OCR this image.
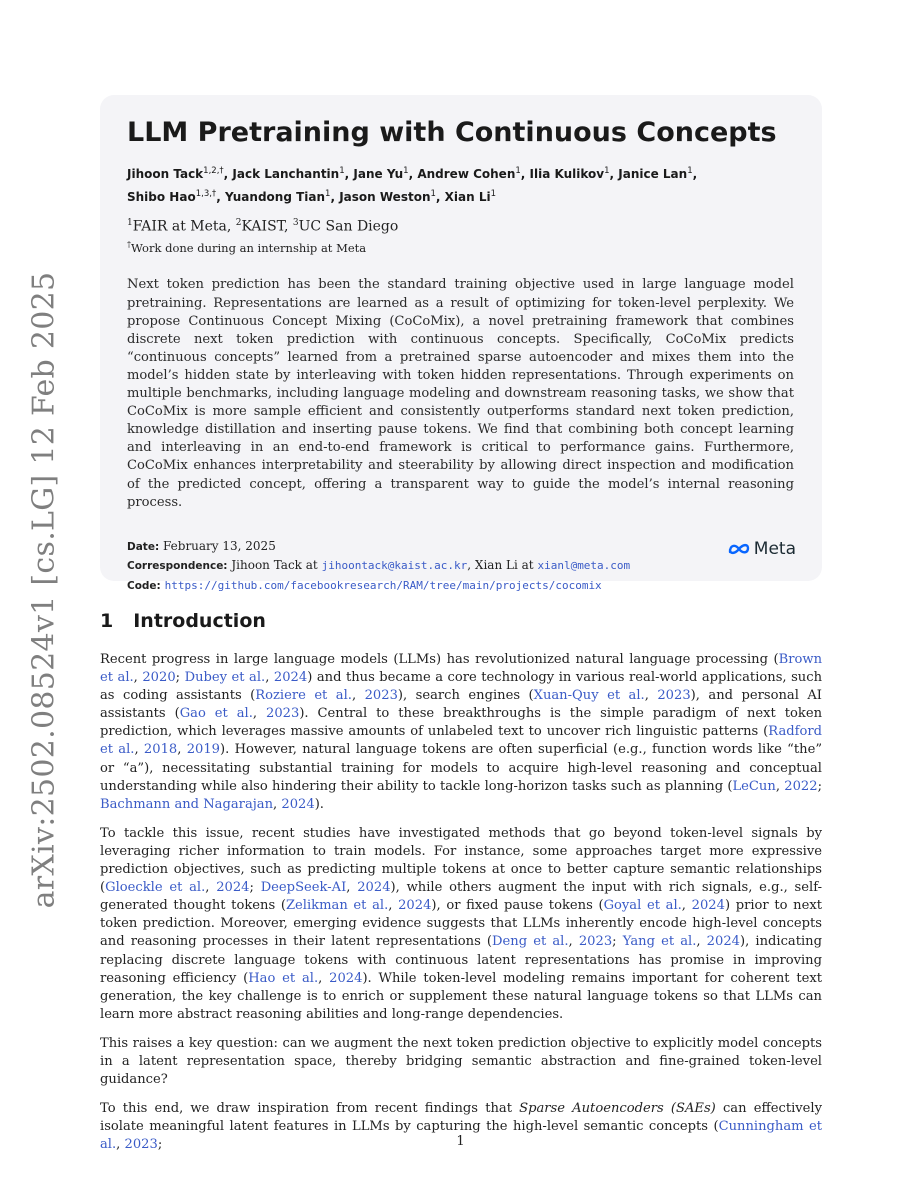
arXiv:2502.08524v1 [cs.LG] 12 Feb 2025
LLM Pretraining with Continuous Concepts
Jihoon Tack$^{1,2,\dagger}$, Jack Lanchantin$^1$, Jane Yu$^1$, Andrew Cohen$^1$, Ilia Kulikov$^1$, Janice Lan$^1$, Shibo Hao$^{1,3,\dagger}$, Yuandong Tian$^1$, Jason Weston$^1$, Xian Li$^1$
$^1$FAIR at Meta, $^2$KAIST, $^3$UC San Diego
†Work done during an internship at Meta
Next token prediction has been the standard training objective used in large language model pretraining. Representations are learned as a result of optimizing for token-level perplexity. We propose Continuous Concept Mixing (CoCoMix), a novel pretraining framework that combines discrete next token prediction with continuous concepts. Specifically, CoCoMix predicts “continuous concepts” learned from a pretrained sparse autoencoder and mixes them into the model’s hidden state by interleaving with token hidden representations. Through experiments on multiple benchmarks, including language modeling and downstream reasoning tasks, we show that CoCoMix is more sample efficient and consistently outperforms standard next token prediction, knowledge distillation and inserting pause tokens. We find that combining both concept learning and interleaving in an end-to-end framework is critical to performance gains. Furthermore, CoCoMix enhances interpretability and steerability by allowing direct inspection and modification of the predicted concept, offering a transparent way to guide the model’s internal reasoning process.
Date: February 13, 2025
Correspondence: Jihoon Tack at jihoontack@kaist.ac.kr, Xian Li at xianl@meta.com
Code: https://github.com/facebookresearch/RAM/tree/main/projects/cocomix
Meta
1 Introduction

Recent progress in large language models (LLMs) has revolutionized natural language processing (Brown et al., 2020; Dubey et al., 2024) and thus became a core technology in various real-world applications, such as coding assistants (Roziere et al., 2023), search engines (Xuan-Quy et al., 2023), and personal AI assistants (Gao et al., 2023). Central to these breakthroughs is the simple paradigm of next token prediction, which leverages massive amounts of unlabeled text to uncover rich linguistic patterns (Radford et al., 2018, 2019). However, natural language tokens are often superficial (e.g., function words like “the” or “a”), necessitating substantial training for models to acquire high-level reasoning and conceptual understanding while also hindering their ability to tackle long-horizon tasks such as planning (LeCun, 2022; Bachmann and Nagarajan, 2024).

To tackle this issue, recent studies have investigated methods that go beyond token-level signals by leveraging richer information to train models. For instance, some approaches target more expressive prediction objectives, such as predicting multiple tokens at once to better capture semantic relationships (Gloeckle et al., 2024; DeepSeek-AI, 2024), while others augment the input with rich signals, e.g., self-generated thought tokens (Zelikman et al., 2024), or fixed pause tokens (Goyal et al., 2024) prior to next token prediction. Moreover, emerging evidence suggests that LLMs inherently encode high-level concepts and reasoning processes in their latent representations (Deng et al., 2023; Yang et al., 2024), indicating replacing discrete language tokens with continuous latent representations has promise in improving reasoning efficiency (Hao et al., 2024). While token-level modeling remains important for coherent text generation, the key challenge is to enrich or supplement these natural language tokens so that LLMs can learn more abstract reasoning abilities and long-range dependencies.

This raises a key question: can we augment the next token prediction objective to explicitly model concepts in a latent representation space, thereby bridging semantic abstraction and fine-grained token-level guidance?

To this end, we draw inspiration from recent findings that Sparse Autoencoders (SAEs) can effectively isolate meaningful latent features in LLMs by capturing the high-level semantic concepts (Cunningham et al., 2023;	1
